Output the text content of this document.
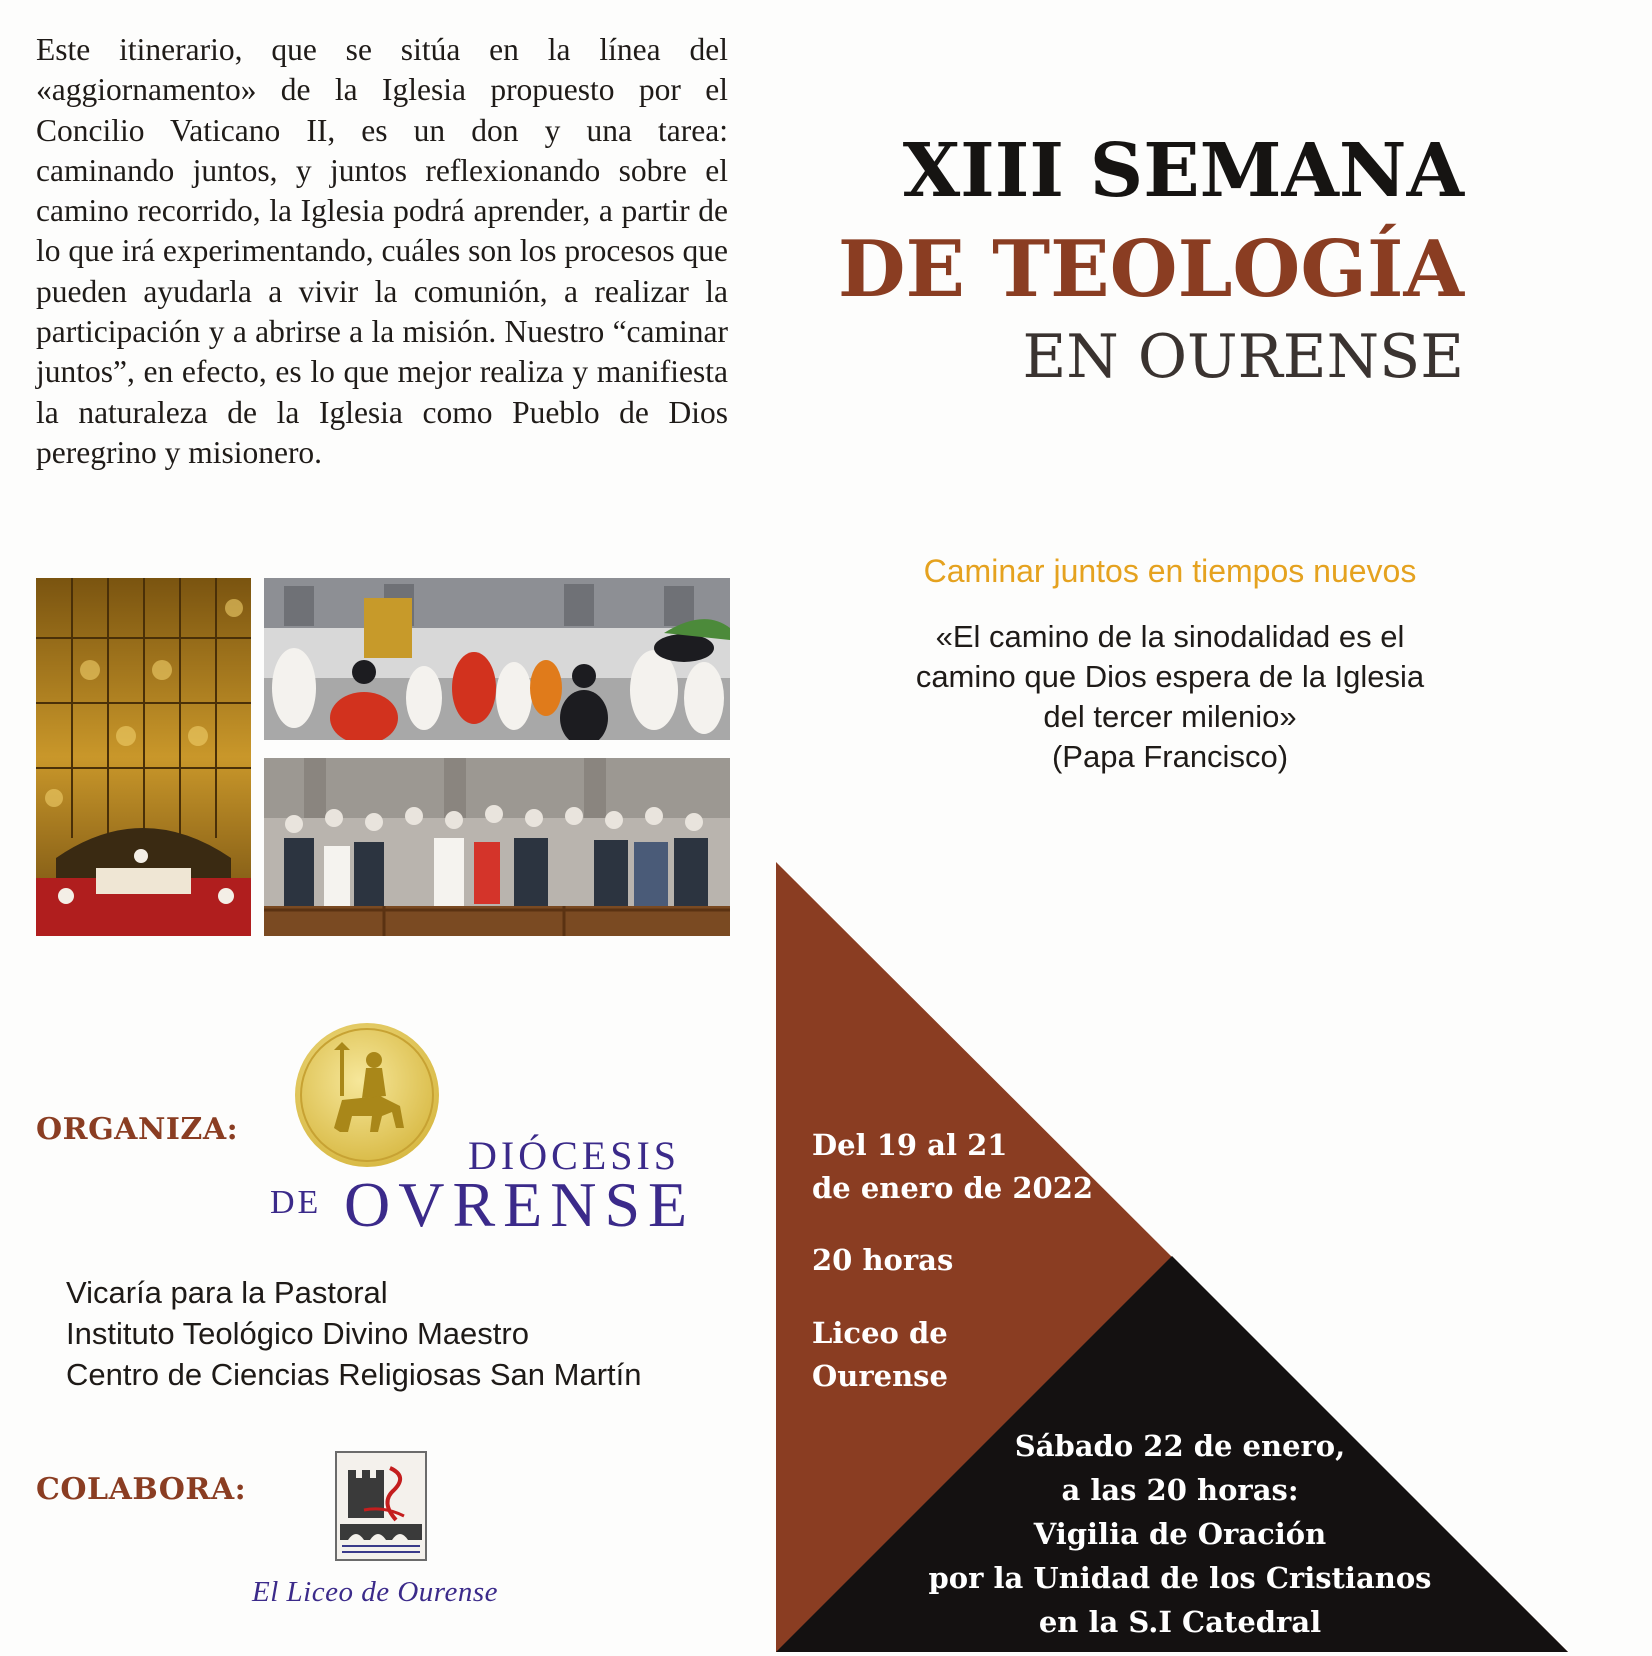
Este itinerario, que se sitúa en la línea del «aggiornamento» de la Iglesia propuesto por el Concilio Vaticano II, es un don y una tarea: caminando juntos, y juntos reflexionando sobre el camino recorrido, la Iglesia podrá aprender, a partir de lo que irá experimentando, cuáles son los procesos que pueden ayudarla a vivir la comunión, a realizar la participación y a abrirse a la misión. Nuestro “caminar juntos”, en efecto, es lo que mejor realiza y manifiesta la naturaleza de la Iglesia como Pueblo de Dios peregrino y misionero.
ORGANIZA:
DIÓCESIS
DE OVRENSE
Vicaría para la Pastoral
Instituto Teológico Divino Maestro
Centro de Ciencias Religiosas San Martín
COLABORA:
El Liceo de Ourense
XIII SEMANA
DE TEOLOGÍA
EN OURENSE
Caminar juntos en tiempos nuevos
«El camino de la sinodalidad es el
camino que Dios espera de la Iglesia
del tercer milenio»
(Papa Francisco)
Del 19 al 21
de enero de 2022
20 horas
Liceo de
Ourense
Sábado 22 de enero,
a las 20 horas:
Vigilia de Oración
por la Unidad de los Cristianos
en la S.I Catedral
